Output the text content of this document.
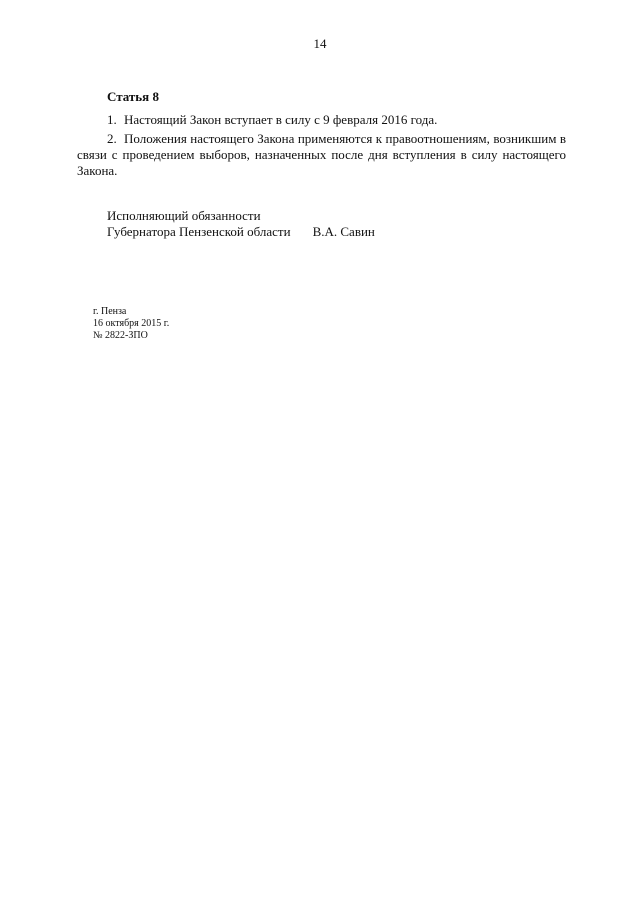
14
Статья 8

1. Настоящий Закон вступает в силу с 9 февраля 2016 года.

2. Положения настоящего Закона применяются к правоотношениям, возникшим в связи с проведением выборов, назначенных после дня вступления в силу настоящего Закона.

Исполняющий обязанности
Губернатора Пензенской области В.А. Савин
г. Пенза
16 октября 2015 г.
№ 2822-ЗПО
